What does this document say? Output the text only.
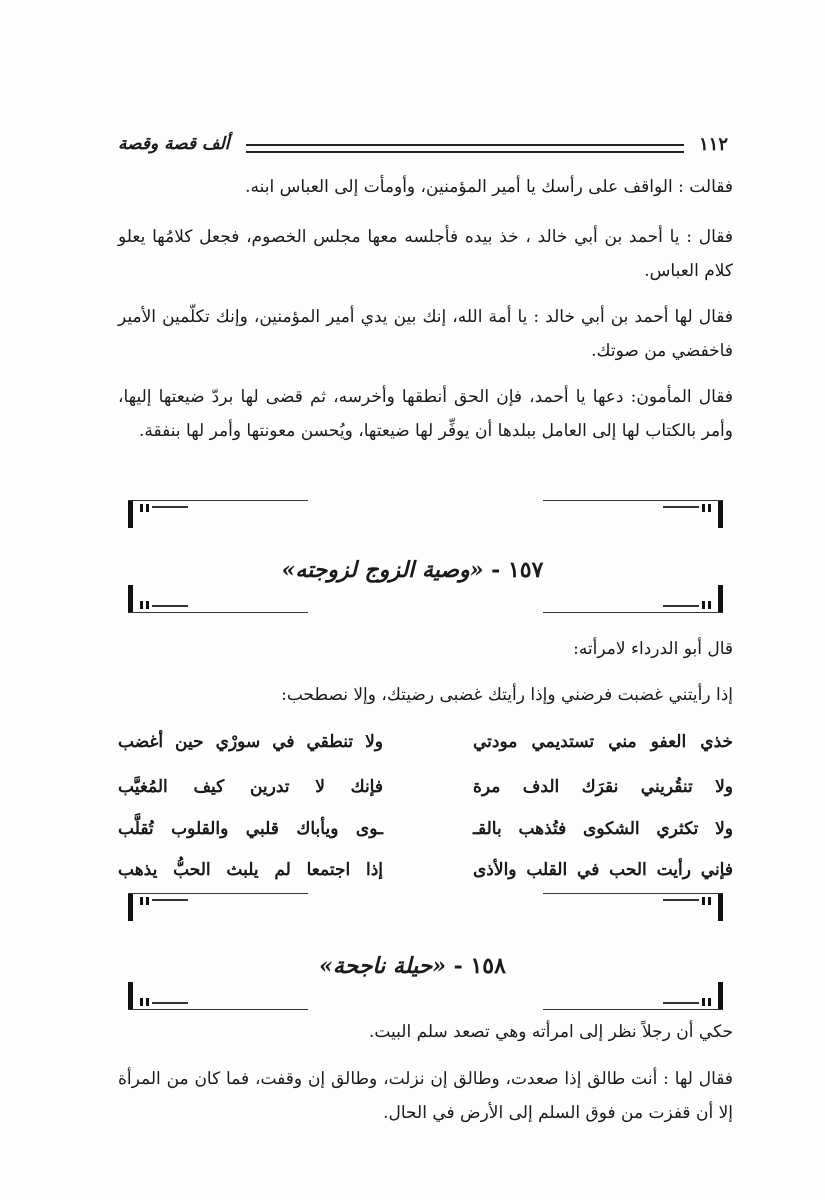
١١٢
ألف قصة وقصة

فقالت : الواقف على رأسك يا أمير المؤمنين، وأومأت إلى العباس ابنه.

فقال : يا أحمد بن أبي خالد ، خذ بيده فأجلسه معها مجلس الخصوم، فجعل كلامُها يعلو كلام العباس.

فقال لها أحمد بن أبي خالد : يا أمة الله، إنك بين يدي أمير المؤمنين، وإنك تكلّمين الأمير فاخفضي من صوتك.

فقال المأمون: دعها يا أحمد، فإن الحق أنطقها وأخرسه، ثم قضى لها بردّ ضيعتها إليها، وأمر بالكتاب لها إلى العامل ببلدها أن يوفِّر لها ضيعتها، ويُحسن معونتها وأمر لها بنفقة.

١٥٧ - «وصية الزوج لزوجته»

قال أبو الدرداء لامرأته:

إذا رأيتني غضبت فرضني وإذا رأيتك غضبى رضيتك، وإلا نصطحب:

خذي العفو مني تستديمي مودتي
ولا تنطقي في سورْي حين أغضب
ولا تنقُريني نقرَك الدف مرة
فإنك لا تدرين كيف المُغيَّب
ولا تكثري الشكوى فتُذهب بالقـ
ـوى ويأباك قلبي والقلوب تُقلَّب
فإني رأيت الحب في القلب والأذى
إذا اجتمعا لم يلبث الحبُّ يذهب
١٥٨ - «حيلة ناجحة»

حكي أن رجلاً نظر إلى امرأته وهي تصعد سلم البيت.

فقال لها : أنت طالق إذا صعدت، وطالق إن نزلت، وطالق إن وقفت، فما كان من المرأة إلا أن قفزت من فوق السلم إلى الأرض في الحال.
